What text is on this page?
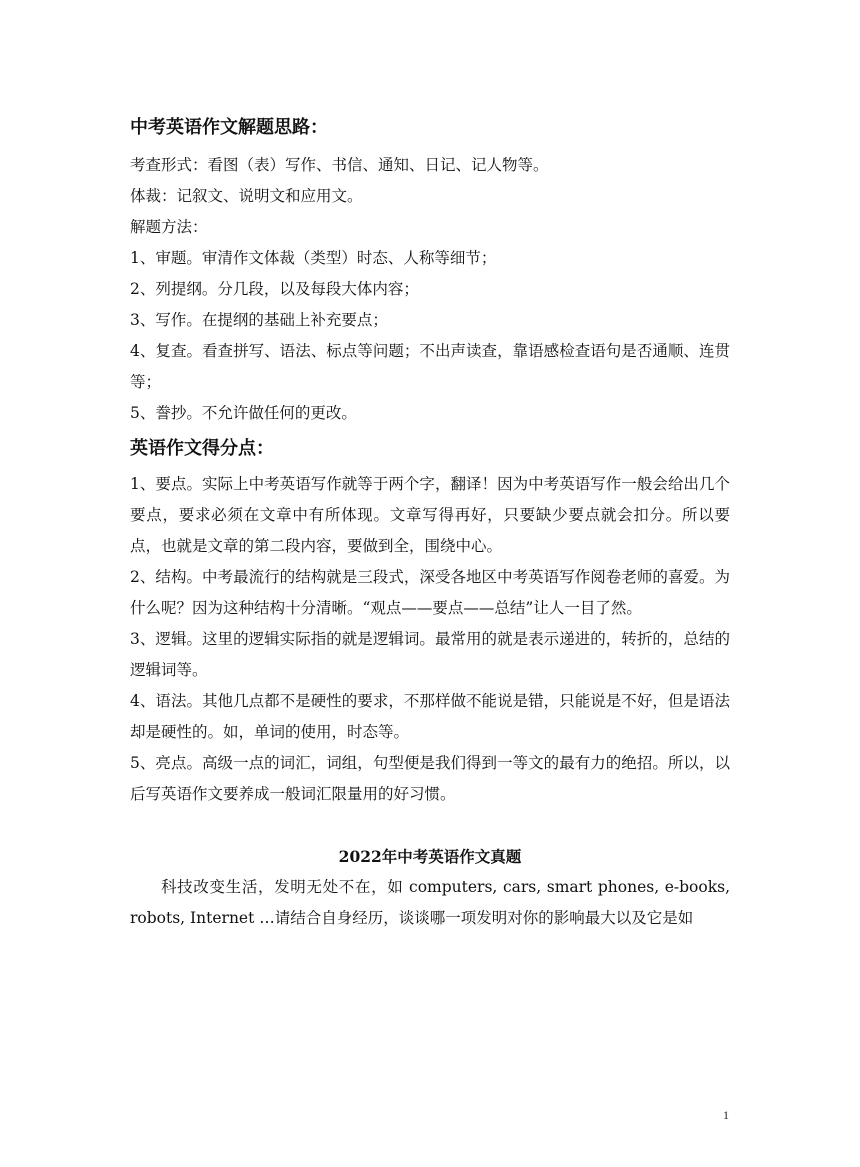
中考英语作文解题思路：

考查形式：看图（表）写作、书信、通知、日记、记人物等。

体裁：记叙文、说明文和应用文。

解题方法：

1、审题。审清作文体裁（类型）时态、人称等细节；

2、列提纲。分几段，以及每段大体内容；

3、写作。在提纲的基础上补充要点；

4、复查。看查拼写、语法、标点等问题；不出声读查，靠语感检查语句是否通顺、连贯等；

5、誊抄。不允许做任何的更改。

英语作文得分点：

1、要点。实际上中考英语写作就等于两个字，翻译！因为中考英语写作一般会给出几个要点，要求必须在文章中有所体现。文章写得再好，只要缺少要点就会扣分。所以要点，也就是文章的第二段内容，要做到全，围绕中心。

2、结构。中考最流行的结构就是三段式，深受各地区中考英语写作阅卷老师的喜爱。为什么呢？因为这种结构十分清晰。“观点——要点——总结”让人一目了然。

3、逻辑。这里的逻辑实际指的就是逻辑词。最常用的就是表示递进的，转折的，总结的逻辑词等。

4、语法。其他几点都不是硬性的要求，不那样做不能说是错，只能说是不好，但是语法却是硬性的。如，单词的使用，时态等。

5、亮点。高级一点的词汇，词组，句型便是我们得到一等文的最有力的绝招。所以，以后写英语作文要养成一般词汇限量用的好习惯。

2022年中考英语作文真题

科技改变生活，发明无处不在，如 computers, cars, smart phones, e-books, robots, Internet …请结合自身经历，谈谈哪一项发明对你的影响最大以及它是如

1
